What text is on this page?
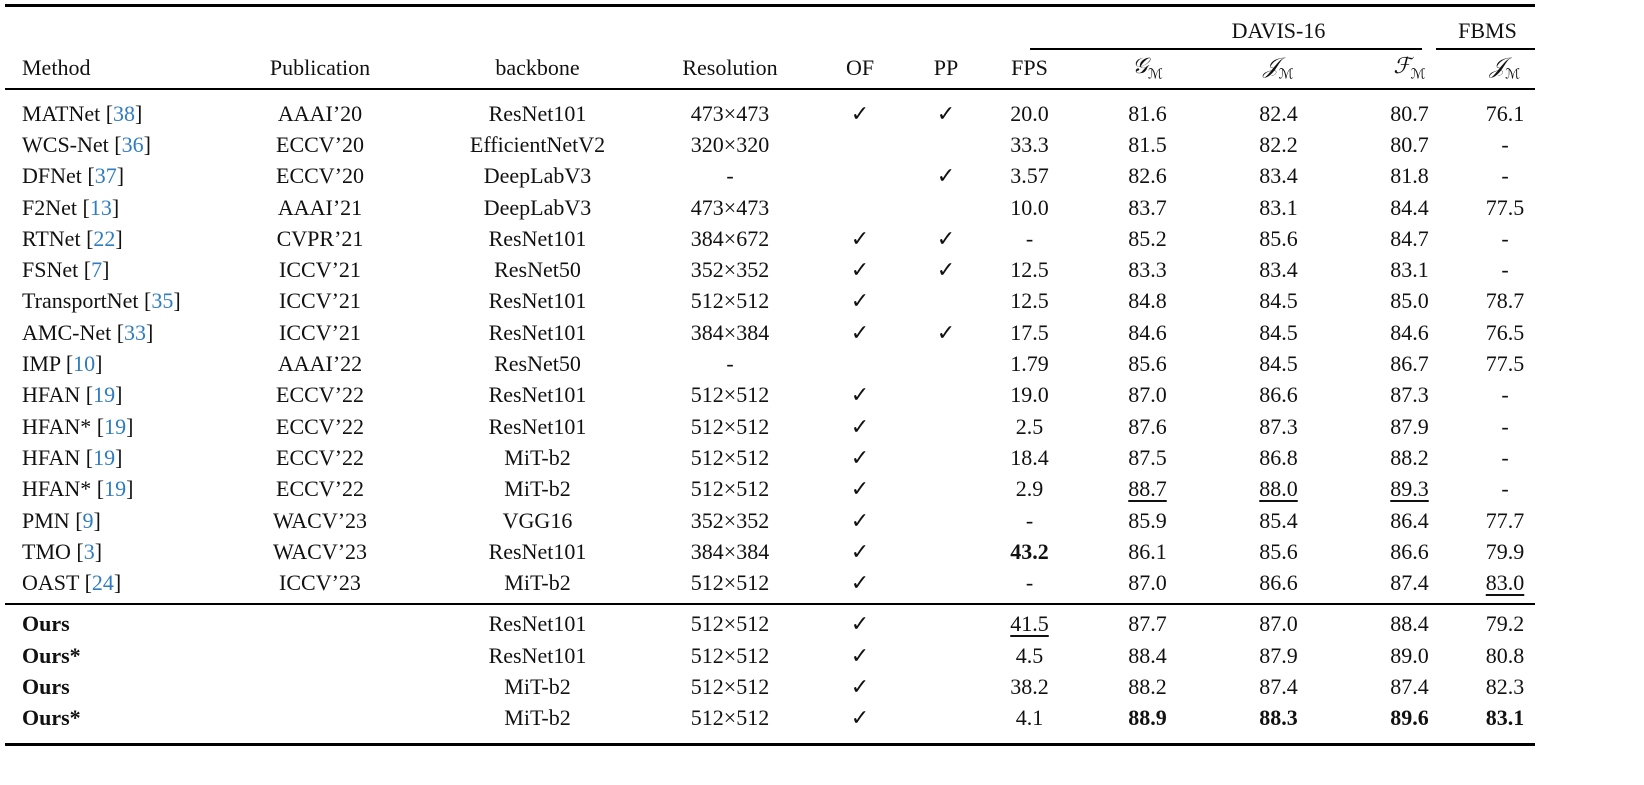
	DAVIS-16	
Method	Publication	backbone	Resolution	OF	PP	FPS	𝒢$_ℳ$	𝒥$_ℳ$	ℱ$_ℳ$	𝒥$_ℳ$
MATNet [38]	AAAI’20	ResNet101	473×473	✓	✓	20.0	81.6	82.4	80.7	76.1
WCS-Net [36]	ECCV’20	EfficientNetV2	320×320			33.3	81.5	82.2	80.7	-
DFNet [37]	ECCV’20	DeepLabV3	-		✓	3.57	82.6	83.4	81.8	-
F2Net [13]	AAAI’21	DeepLabV3	473×473			10.0	83.7	83.1	84.4	77.5
RTNet [22]	CVPR’21	ResNet101	384×672	✓	✓	-	85.2	85.6	84.7	-
FSNet [7]	ICCV’21	ResNet50	352×352	✓	✓	12.5	83.3	83.4	83.1	-
TransportNet [35]	ICCV’21	ResNet101	512×512	✓		12.5	84.8	84.5	85.0	78.7
AMC-Net [33]	ICCV’21	ResNet101	384×384	✓	✓	17.5	84.6	84.5	84.6	76.5
IMP [10]	AAAI’22	ResNet50	-			1.79	85.6	84.5	86.7	77.5
HFAN [19]	ECCV’22	ResNet101	512×512	✓		19.0	87.0	86.6	87.3	-
HFAN* [19]	ECCV’22	ResNet101	512×512	✓		2.5	87.6	87.3	87.9	-
HFAN [19]	ECCV’22	MiT-b2	512×512	✓		18.4	87.5	86.8	88.2	-
HFAN* [19]	ECCV’22	MiT-b2	512×512	✓		2.9	88.7	88.0	89.3	-
PMN [9]	WACV’23	VGG16	352×352	✓		-	85.9	85.4	86.4	77.7
TMO [3]	WACV’23	ResNet101	384×384	✓		43.2	86.1	85.6	86.6	79.9
OAST [24]	ICCV’23	MiT-b2	512×512	✓		-	87.0	86.6	87.4	83.0
Ours		ResNet101	512×512	✓		41.5	87.7	87.0	88.4	79.2
Ours*		ResNet101	512×512	✓		4.5	88.4	87.9	89.0	80.8
Ours		MiT-b2	512×512	✓		38.2	88.2	87.4	87.4	82.3
Ours*		MiT-b2	512×512	✓		4.1	88.9	88.3	89.6	83.1
FBMS
